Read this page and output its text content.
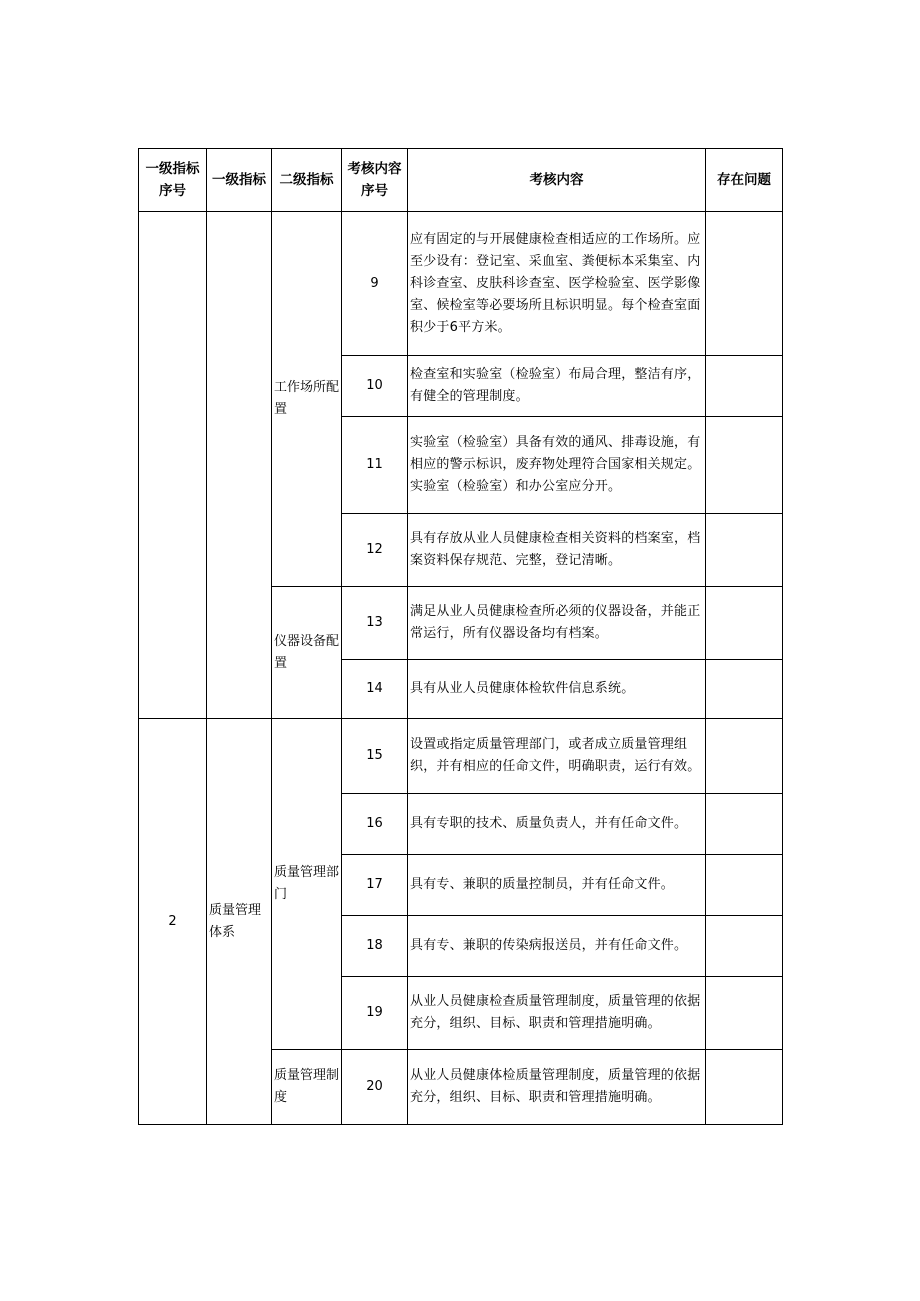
一级指标序号	一级指标	二级指标	考核内容序号	考核内容	存在问题
		工作场所配置	9	应有固定的与开展健康检查相适应的工作场所。应至少设有：登记室、采血室、粪便标本采集室、内科诊查室、皮肤科诊查室、医学检验室、医学影像室、候检室等必要场所且标识明显。每个检查室面积少于6平方米。	
			10	检查室和实验室（检验室）布局合理，整洁有序，有健全的管理制度。	
			11	实验室（检验室）具备有效的通风、排毒设施，有相应的警示标识，废弃物处理符合国家相关规定。实验室（检验室）和办公室应分开。	
			12	具有存放从业人员健康检查相关资料的档案室，档案资料保存规范、完整，登记清晰。	
		仪器设备配置	13	满足从业人员健康检查所必须的仪器设备，并能正常运行，所有仪器设备均有档案。	
			14	具有从业人员健康体检软件信息系统。	
2	质量管理体系	质量管理部门	15	设置或指定质量管理部门，或者成立质量管理组织，并有相应的任命文件，明确职责，运行有效。	
			16	具有专职的技术、质量负责人，并有任命文件。	
			17	具有专、兼职的质量控制员，并有任命文件。	
			18	具有专、兼职的传染病报送员，并有任命文件。	
			19	从业人员健康检查质量管理制度，质量管理的依据充分，组织、目标、职责和管理措施明确。	
		质量管理制度	20	从业人员健康体检质量管理制度，质量管理的依据充分，组织、目标、职责和管理措施明确。	
